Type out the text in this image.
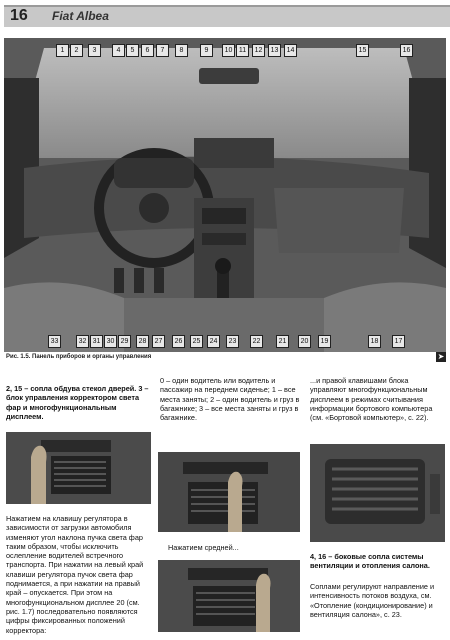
16 Fiat Albea
1	2	3	4	5	6	7	8	9	10 11	12	13	14	15	16
33	32 31 30 29	28	27	26	25	24	23	22	21	20	19	18	17
Рис. 1.5. Панель приборов и органы управления	➤
2, 15 – сопла обдува стекол дверей. 3 – блок управления корректором света фар и многофункциональным дисплеем.
Нажатием на клавишу регулятора в зависимости от загрузки автомобиля изменяют угол наклона пучка света фар таким образом, чтобы исключить ослепление водителей встречного транспорта. При нажатии на левый край клавиши регулятора пучок света фар поднимается, а при нажатии на правый край – опускается. При этом на многофункциональном дисплее 20 (см. рис. 1.7) последовательно появляются цифры фиксированных положений корректора:
0 – один водитель или водитель и пассажир на переднем сиденье; 1 – все места заняты; 2 – один водитель и груз в багажнике; 3 – все места заняты и груз в багажнике.
Нажатием средней...
...и правой клавишами блока управляют многофункциональным дисплеем в режимах считывания информации бортового компьютера (см. «Бортовой компьютер», с. 22).
4, 16 – боковые сопла системы вентиляции и отопления салона.
Соплами регулируют направление и интенсивность потоков воздуха, см. «Отопление (кондиционирование) и вентиляция салона», с. 23.
